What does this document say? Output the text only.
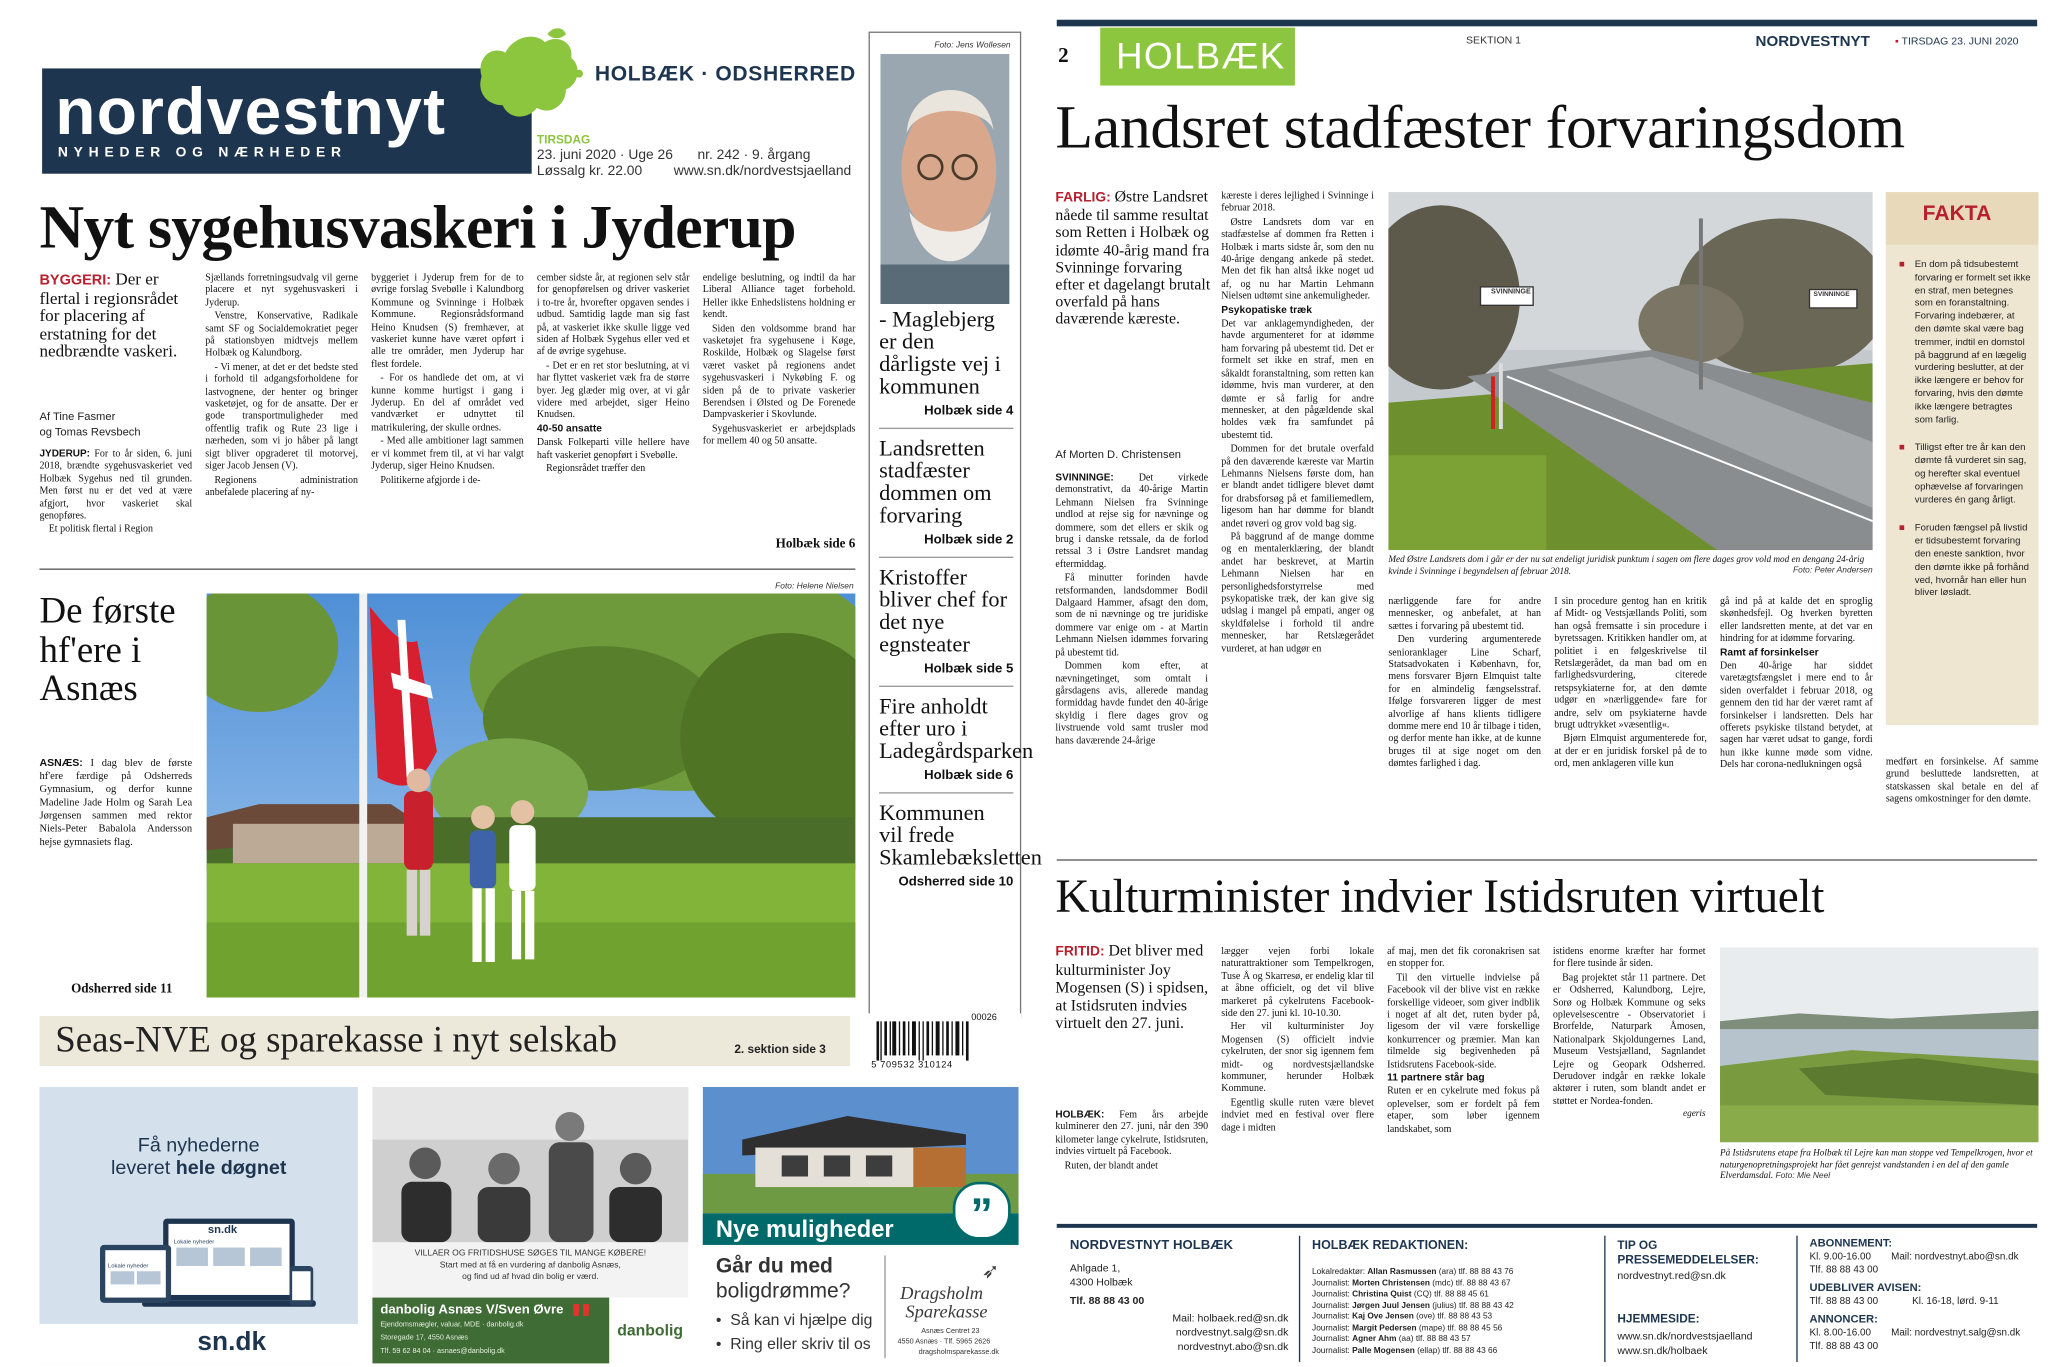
nordvestnyt
NYHEDER OG NÆRHEDER
HOLBÆK · ODSHERRED
TIRSDAG
23. juni 2020 · Uge 26
Løssalg kr. 22.00
nr. 242 · 9. årgang
www.sn.dk/nordvestsjaelland
Nyt sygehusvaskeri i Jyderup
BYGGERI: Der er flertal i regionsrådet for placering af erstatning for det nedbrændte vaskeri.
Af Tine Fasmer
og Tomas Revsbech

JYDERUP: For to år siden, 6. juni 2018, brændte sygehusvaskeriet ved Holbæk Sygehus ned til grunden. Men først nu er det ved at være afgjort, hvor vaskeriet skal genopføres.

Et politisk flertal i Region

Sjællands forretningsudvalg vil gerne placere et nyt sygehusvaskeri i Jyderup.

Venstre, Konservative, Radikale samt SF og Socialdemokratiet peger på stationsbyen midtvejs mellem Holbæk og Kalundborg.

- Vi mener, at det er det bedste sted i forhold til adgangsforholdene for lastvognene, der henter og bringer vasketøjet, og for de ansatte. Der er gode transportmuligheder med offentlig trafik og Rute 23 lige i nærheden, som vi jo håber på langt sigt bliver opgraderet til motorvej, siger Jacob Jensen (V).

Regionens administration anbefalede placering af ny-

byggeriet i Jyderup frem for de to øvrige forslag Svebølle i Kalundborg Kommune og Svinninge i Holbæk Kommune. Regionsrådsformand Heino Knudsen (S) fremhæver, at vaskeriet kunne have været opført i alle tre områder, men Jyderup har flest fordele.

- For os handlede det om, at vi kunne komme hurtigst i gang i Jyderup. En del af området ved vandværket er udnyttet til matrikulering, der skulle ordnes.

- Med alle ambitioner lagt sammen er vi kommet frem til, at vi har valgt Jyderup, siger Heino Knudsen.

Politikerne afgjorde i de-

cember sidste år, at regionen selv står for genopførelsen og driver vaskeriet i to-tre år, hvorefter opgaven sendes i udbud. Samtidig lagde man sig fast på, at vaskeriet ikke skulle ligge ved siden af Holbæk Sygehus eller ved et af de øvrige sygehuse.

- Det er en ret stor beslutning, at vi har flyttet vaskeriet væk fra de større byer. Jeg glæder mig over, at vi går videre med arbejdet, siger Heino Knudsen.

40-50 ansatte

Dansk Folkeparti ville hellere have haft vaskeriet genopført i Svebølle.

Regionsrådet træffer den

endelige beslutning, og indtil da har Liberal Alliance taget forbehold. Heller ikke Enhedslistens holdning er kendt.

Siden den voldsomme brand har vasketøjet fra sygehusene i Køge, Roskilde, Holbæk og Slagelse først været vasket på regionens andet sygehusvaskeri i Nykøbing F. og siden på de to private vaskerier Berendsen i Ølsted og De Forenede Dampvaskerier i Skovlunde.

Sygehusvaskeriet er arbejdsplads for mellem 40 og 50 ansatte.

Holbæk side 6
De første hf'ere i Asnæs

ASNÆS: I dag blev de første hf'ere færdige på Odsherreds Gymnasium, og derfor kunne Madeline Jade Holm og Sarah Lea Jørgensen sammen med rektor Niels-Peter Babalola Andersson hejse gymnasiets flag.

Odsherred side 11
Foto: Helene Nielsen
Foto: Jens Wollesen
- Maglebjerg er den dårligste vej i kommunen
Holbæk side 4
Landsretten stadfæster dommen om forvaring
Holbæk side 2
Kristoffer bliver chef for det nye egnsteater
Holbæk side 5
Fire anholdt efter uro i Ladegårdsparken
Holbæk side 6
Kommunen vil frede Skamlebæksletten
Odsherred side 10
Seas-NVE og sparekasse i nyt selskab	2. sektion side 3
00026
5 709532 310124
Få nyhederne
leveret hele døgnet
sn.dk
Lokale nyheder
Lokale nyheder
sn.dk
VILLAER OG FRITIDSHUSE SØGES TIL MANGE KØBERE!
Start med at få en vurdering af danbolig Asnæs,
og find ud af hvad din bolig er værd.
danbolig Asnæs V/Sven Øvre
Ejendomsmægler, valuar, MDE · danbolig.dk
Storegade 17, 4550 Asnæs
Tlf. 59 62 84 04 · asnaes@danbolig.dk
" danbolig
Nye muligheder	”
Går du med
boligdrømme?
•  Så kan vi hjælpe dig
•  Ring eller skriv til os
Dragsholm
Sparekasse
➶
Asnæs Centret 23
4550 Asnæs · Tlf. 5965 2626
dragsholmsparekasse.dk
2 HOLBÆK	SEKTION 1	NORDVESTNYT	▪ TIRSDAG 23. JUNI 2020
Landsret stadfæster forvaringsdom
FARLIG: Østre Landsret nåede til samme resultat som Retten i Holbæk og idømte 40-årig mand fra Svinninge forvaring efter et dagelangt brutalt overfald på hans daværende kæreste.
Af Morten D. Christensen

SVINNINGE:	Det virkede demonstrativt, da 40-årige Martin Lehmann Nielsen fra Svinninge undlod at rejse sig for nævninge og dommere, som det ellers er skik og brug i danske retssale, da de forlod retssal 3 i Østre Landsret mandag eftermiddag.

Få minutter forinden havde retsformanden, landsdommer Bodil Dalgaard Hammer, afsagt den dom, som de ni nævninge og tre juridiske dommere var enige om - at Martin Lehmann Nielsen idømmes forvaring på ubestemt tid.

Dommen kom efter, at nævningetinget, som omtalt i gårsdagens avis, allerede mandag formiddag havde fundet den 40-årige skyldig i flere dages grov og livstruende vold samt trusler mod hans daværende 24-årige

kæreste i deres lejlighed i Svinninge i februar 2018.

Østre Landsrets dom var en stadfæstelse af dommen fra Retten i Holbæk i marts sidste år, som den nu 40-årige dengang ankede på stedet. Men det fik han altså ikke noget ud af, og nu har Martin Lehmann Nielsen udtømt sine ankemuligheder.

Psykopatiske træk

Det var anklagemyndigheden, der havde argumenteret for at idømme ham forvaring på ubestemt tid. Det er formelt set ikke en straf, men en såkaldt foranstaltning, som retten kan idømme, hvis man vurderer, at den dømte er så farlig for andre mennesker, at den pågældende skal holdes væk fra samfundet på ubestemt tid.

Dommen for det brutale overfald på den daværende kæreste var Martin Lehmanns Nielsens første dom, han er blandt andet tidligere blevet dømt for drabsforsøg på et familiemedlem, ligesom han har dømme for blandt andet røveri og grov vold bag sig.

På baggrund af de mange domme og en mentalerklæring, der blandt andet har beskrevet, at Martin Lehmann Nielsen har en personlighedsforstyrrelse med psykopatiske træk, der kan give sig udslag i mangel på empati, anger og skyldfølelse i forhold til andre mennesker, har Retslægerådet vurderet, at han udgør en

SVINNINGE	SVINNINGE
Med Østre Landsrets dom i går er der nu sat endeligt juridisk punktum i sagen om flere dages grov vold mod en dengang 24-årig kvinde i Svinninge i begyndelsen af februar 2018.	Foto: Peter Andersen

nærliggende fare for andre mennesker, og anbefalet, at han sættes i forvaring på ubestemt tid.

Den vurdering argumenterede senioranklager Line Scharf, Statsadvokaten i København, for, mens forsvarer Bjørn Elmquist talte for en almindelig fængselsstraf. Ifølge forsvareren ligger de mest alvorlige af hans klients tidligere domme mere end 10 år tilbage i tiden, og derfor mente han ikke, at de kunne bruges til at sige noget om den dømtes farlighed i dag.

I sin procedure gentog han en kritik af Midt- og Vestsjællands Politi, som han også fremsatte i sin procedure i byretssagen. Kritikken handler om, at politiet i en følgeskrivelse til Retslægerådet, da man bad om en farlighedsvurdering, citerede retspsykiaterne for, at den dømte udgør en »nærliggende« fare for andre, selv om psykiaterne havde brugt udtrykket »væsentlig«.

Bjørn Elmquist argumenterede for, at der er en juridisk forskel på de to ord, men anklageren ville kun

gå ind på at kalde det en sproglig skønhedsfejl. Og hverken byretten eller landsretten mente, at det var en hindring for at idømme forvaring.

Ramt af forsinkelser

Den 40-årige har siddet varetægtsfængslet i mere end to år siden overfaldet i februar 2018, og gennem den tid har der været ramt af forsinkelser i landsretten. Dels har offerets psykiske tilstand betydet, at sagen har været udsat to gange, fordi hun ikke kunne møde som vidne. Dels har corona-nedlukningen også	medført en forsinkelse. Af samme grund besluttede landsretten, at statskassen skal betale en del af sagens omkostninger for den dømte.

FAKTA
■ En dom på tidsubestemt forvaring er formelt set ikke en straf, men betegnes som en foranstaltning. Forvaring indebærer, at den dømte skal være bag tremmer, indtil en domstol på baggrund af en lægelig vurdering beslutter, at der ikke længere er behov for forvaring, hvis den dømte ikke længere betragtes som farlig.
■ Tilligst efter tre år kan den dømte få vurderet sin sag, og herefter skal eventuel ophævelse af forvaringen vurderes én gang årligt.
■ Foruden fængsel på livstid er tidsubestemt forvaring den eneste sanktion, hvor den dømte ikke på forhånd ved, hvornår han eller hun bliver løsladt.
Kulturminister indvier Istidsruten virtuelt
FRITID: Det bliver med kulturminister Joy Mogensen (S) i spidsen, at Istidsruten indvies virtuelt den 27. juni.

HOLBÆK: Fem års arbejde kulminerer den 27. juni, når den 390 kilometer lange cykelrute, Istidsruten, indvies virtuelt på Facebook.

Ruten, der blandt andet

lægger vejen forbi lokale naturattraktioner som Tempelkrogen, Tuse Å og Skarresø, er endelig klar til at åbne officielt, og det vil blive markeret på cykelrutens Facebook-side den 27. juni kl. 10-10.30.

Her vil kulturminister Joy Mogensen (S) officielt indvie cykelruten, der snor sig igennem fem midt- og nordvestsjællandske kommuner, herunder Holbæk Kommune.

Egentlig skulle ruten være blevet indviet med en festival over flere dage i midten

af maj, men det fik coronakrisen sat en stopper for.

Til den virtuelle indvielse på Facebook vil der blive vist en række forskellige videoer, som giver indblik i noget af alt det, ruten byder på, ligesom der vil være forskellige konkurrencer og præmier. Man kan tilmelde sig begivenheden på Istidsrutens Facebook-side.

11 partnere står bag

Ruten er en cykelrute med fokus på oplevelser, som er fordelt på fem etaper, som løber igennem landskabet, som

istidens enorme kræfter har formet for flere tusinde år siden.

Bag projektet står 11 partnere. Det er Odsherred, Kalundborg, Lejre, Sorø og Holbæk Kommune og seks oplevelsescentre - Observatoriet i Brorfelde, Naturpark Åmosen, Nationalpark Skjoldungernes Land, Museum Vestsjælland, Sagnlandet Lejre og Geopark Odsherred. Derudover indgår en række lokale aktører i ruten, som blandt andet er støttet er Nordea-fonden.

egeris

På Istidsrutens etape fra Holbæk til Lejre kan man stoppe ved Tempelkrogen, hvor et naturgenopretningsprojekt har fået genrejst vandstanden i en del af den gamle Elverdamsdal. Foto: Mie Neel
NORDVESTNYT HOLBÆK
Ahlgade 1,
4300 Holbæk
Tlf. 88 88 43 00
Mail: holbaek.red@sn.dk
nordvestnyt.salg@sn.dk
nordvestnyt.abo@sn.dk
HOLBÆK REDAKTIONEN:
Lokalredaktør: Allan Rasmussen (ara) tlf. 88 88 43 76
Journalist: Morten Christensen (mdc) tlf. 88 88 43 67
Journalist: Christina Quist (CQ) tlf. 88 88 45 61
Journalist: Jørgen Juul Jensen (julius) tlf. 88 88 43 42
Journalist: Kaj Ove Jensen (ove) tlf. 88 88 43 53
Journalist: Margit Pedersen (mape) tlf. 88 88 45 56
Journalist: Agner Ahm (aa) tlf. 88 88 43 57
Journalist: Palle Mogensen (ellap) tlf. 88 88 43 66
TIP OG
PRESSEMEDDELELSER:
nordvestnyt.red@sn.dk
HJEMMESIDE:
www.sn.dk/nordvestsjaelland
www.sn.dk/holbaek
ABONNEMENT:
Kl. 9.00-16.00	Mail: nordvestnyt.abo@sn.dk
Tlf. 88 88 43 00
UDEBLIVER AVISEN:
Tlf. 88 88 43 00	Kl. 16-18, lørd. 9-11
ANNONCER:
Kl. 8.00-16.00	Mail: nordvestnyt.salg@sn.dk
Tlf. 88 88 43 00
